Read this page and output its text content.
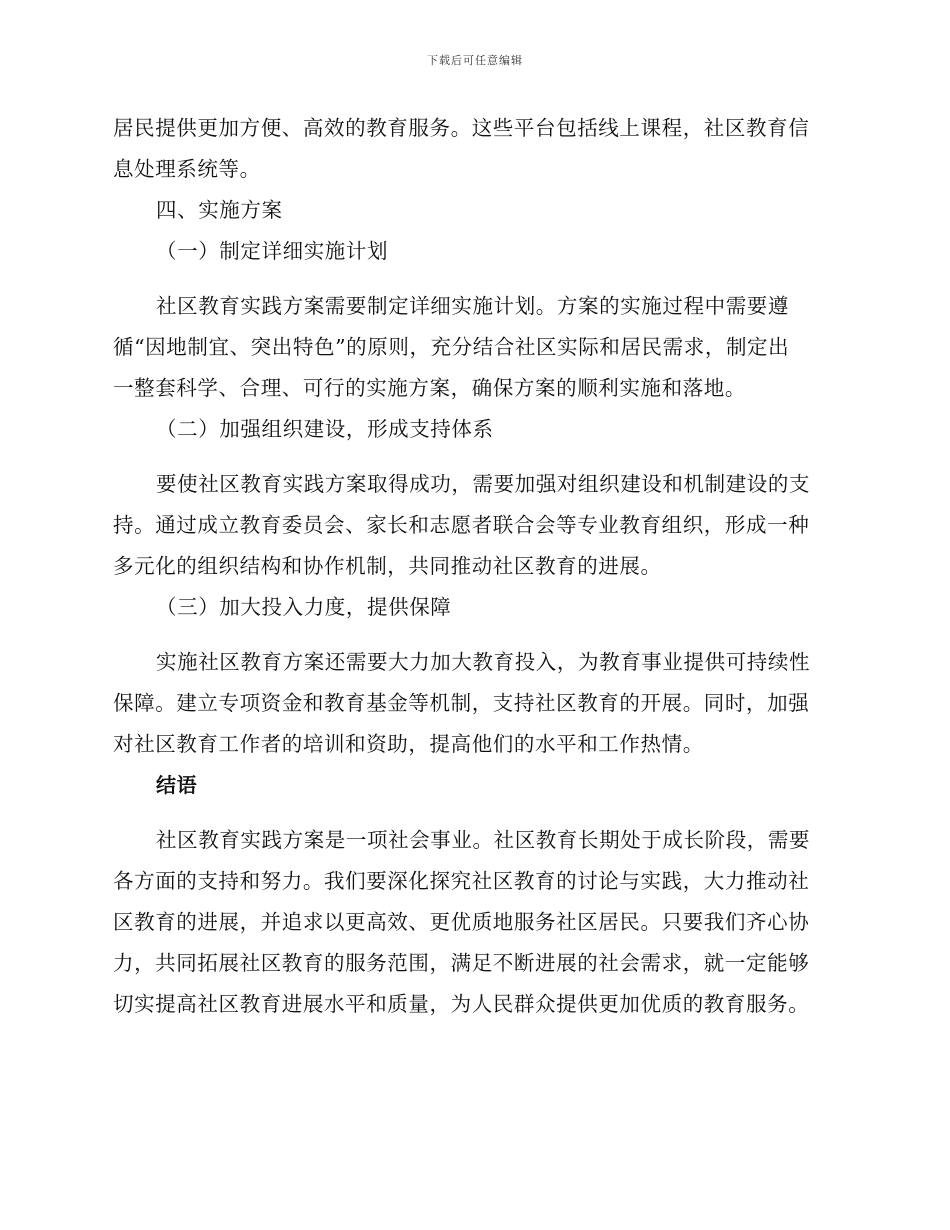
下载后可任意编辑
居民提供更加方便、高效的教育服务。这些平台包括线上课程，社区教育信
息处理系统等。
四、实施方案
（一）制定详细实施计划
社区教育实践方案需要制定详细实施计划。方案的实施过程中需要遵
循“因地制宜、突出特色”的原则，充分结合社区实际和居民需求，制定出
一整套科学、合理、可行的实施方案，确保方案的顺利实施和落地。
（二）加强组织建设，形成支持体系
要使社区教育实践方案取得成功，需要加强对组织建设和机制建设的支
持。通过成立教育委员会、家长和志愿者联合会等专业教育组织，形成一种
多元化的组织结构和协作机制，共同推动社区教育的进展。
（三）加大投入力度，提供保障
实施社区教育方案还需要大力加大教育投入，为教育事业提供可持续性
保障。建立专项资金和教育基金等机制，支持社区教育的开展。同时，加强
对社区教育工作者的培训和资助，提高他们的水平和工作热情。
结语
社区教育实践方案是一项社会事业。社区教育长期处于成长阶段，需要
各方面的支持和努力。我们要深化探究社区教育的讨论与实践，大力推动社
区教育的进展，并追求以更高效、更优质地服务社区居民。只要我们齐心协
力，共同拓展社区教育的服务范围，满足不断进展的社会需求，就一定能够
切实提高社区教育进展水平和质量，为人民群众提供更加优质的教育服务。
